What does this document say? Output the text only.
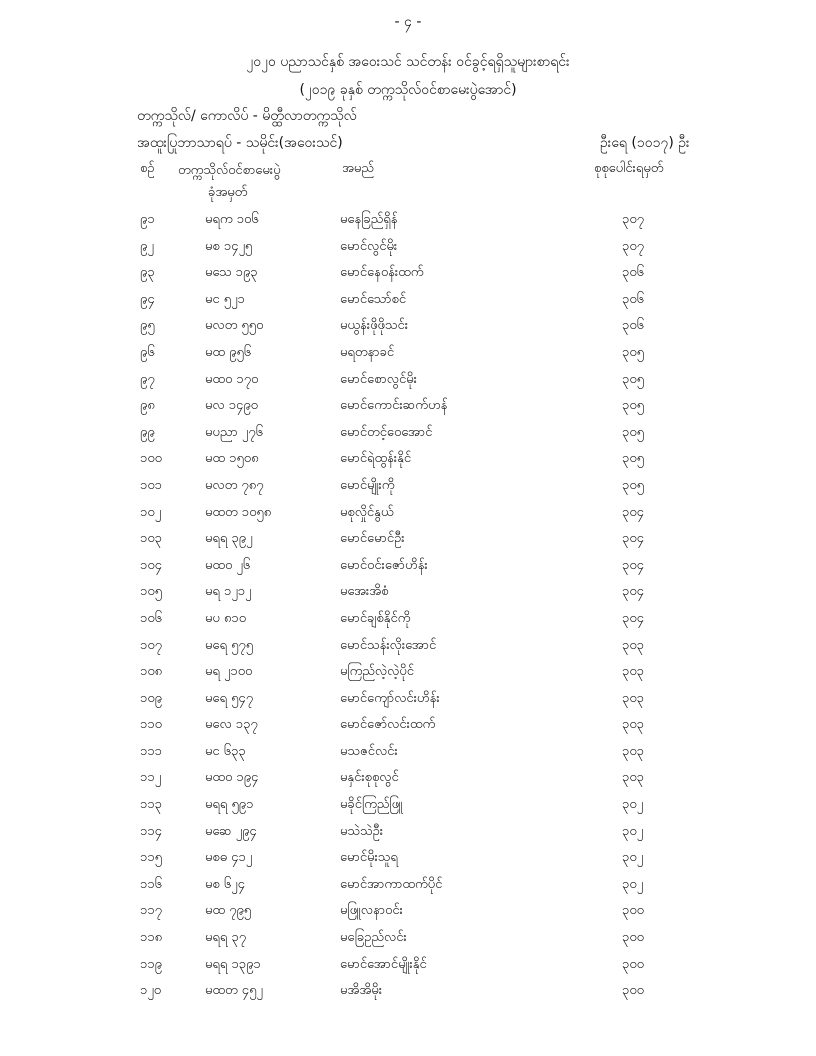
- ၄ -
၂၀၂၀ ပညာသင်နှစ် အဝေးသင် သင်တန်း ဝင်ခွင့်ရရှိသူများစာရင်း
(၂၀၁၉ ခုနှစ် တက္ကသိုလ်ဝင်စာမေးပွဲအောင်)
တက္ကသိုလ်/ ကောလိပ် - မိတ္ထီလာတက္ကသိုလ်
အထူးပြုဘာသာရပ် - သမိုင်း(အဝေးသင်)	ဦးရေ (၁၀၁၇) ဦး
စဉ် တက္ကသိုလ်ဝင်စာမေးပွဲ
ခုံအမှတ်
အမည်	စုစုပေါင်းရမှတ်
၉၁	မရက ၁၀၆	မနေခြည်ရှိန်	၃၀၇
၉၂	မစ ၁၄၂၅	မောင်လွင်မိုး	၃၀၇
၉၃	မသေ ၁၉၃	မောင်နေဝန်းထက်	၃၀၆
၉၄	မင ၅၂၁	မောင်သော်စင်	၃၀၆
၉၅	မလတ ၅၅၀	မယွန်းဖိုဖိုသင်း	၃၀၆
၉၆	မထ ၉၅၆	မရတနာခင်	၃၀၅
၉၇	မထဝ ၁၇၀	မောင်စောလွင်မိုး	၃၀၅
၉၈	မလ ၁၄၉၀	မောင်ကောင်းဆက်ဟန်	၃၀၅
၉၉	မပညာ ၂၇၆	မောင်တင့်ဝေအောင်	၃၀၅
၁၀၀	မထ ၁၅၀၈	မောင်ရဲထွန်းနိုင်	၃၀၅
၁၀၁	မလတ ၇၈၇	မောင်မျိုးကို	၃၀၅
၁၀၂	မထတ ၁၀၅၈	မစုလှိုင်နွယ်	၃၀၄
၁၀၃	မရရ ၃၉၂	မောင်မောင်ဦး	၃၀၄
၁၀၄	မထဝ ၂၆	မောင်ဝင်းဇော်ဟိန်း	၃၀၄
၁၀၅	မရ ၁၂၁၂	မအေးအိစံ	၃၀၄
၁၀၆	မပ ၈၁၀	မောင်ချစ်နိုင်ကို	၃၀၄
၁၀၇	မရေ ၅၇၅	မောင်သန်းလိုးအောင်	၃၀၃
၁၀၈	မရ ၂၁၀၀	မကြည်လဲ့လဲ့ပိုင်	၃၀၃
၁၀၉	မရေ ၅၄၇	မောင်ကျော်လင်းဟိန်း	၃၀၃
၁၁၀	မလေ ၁၃၇	မောင်ဇော်လင်းထက်	၃၀၃
၁၁၁	မင ၆၃၃	မသဇင်လင်း	၃၀၃
၁၁၂	မထဝ ၁၉၄	မနှင်းစုစုလွင်	၃၀၃
၁၁၃	မရရ ၅၉၁	မခိုင်ကြည်ဖြူ	၃၀၂
၁၁၄	မဆေ ၂၉၄	မသဲသဲဦး	၃၀၂
၁၁၅	မစဓ ၄၁၂	မောင်မိုးသူရ	၃၀၂
၁၁၆	မစ ၆၂၄	မောင်အာကာထက်ပိုင်	၃၀၂
၁၁၇	မထ ၇၉၅	မဖြူလနာဝင်း	၃၀၀
၁၁၈	မရရ ၃၇	မခြေဥည်လင်း	၃၀၀
၁၁၉	မရရ ၁၃၉၁	မောင်အောင်မျိုးနိုင်	၃၀၀
၁၂၀	မထတ ၄၅၂	မအိအိမိုး	၃၀၀
